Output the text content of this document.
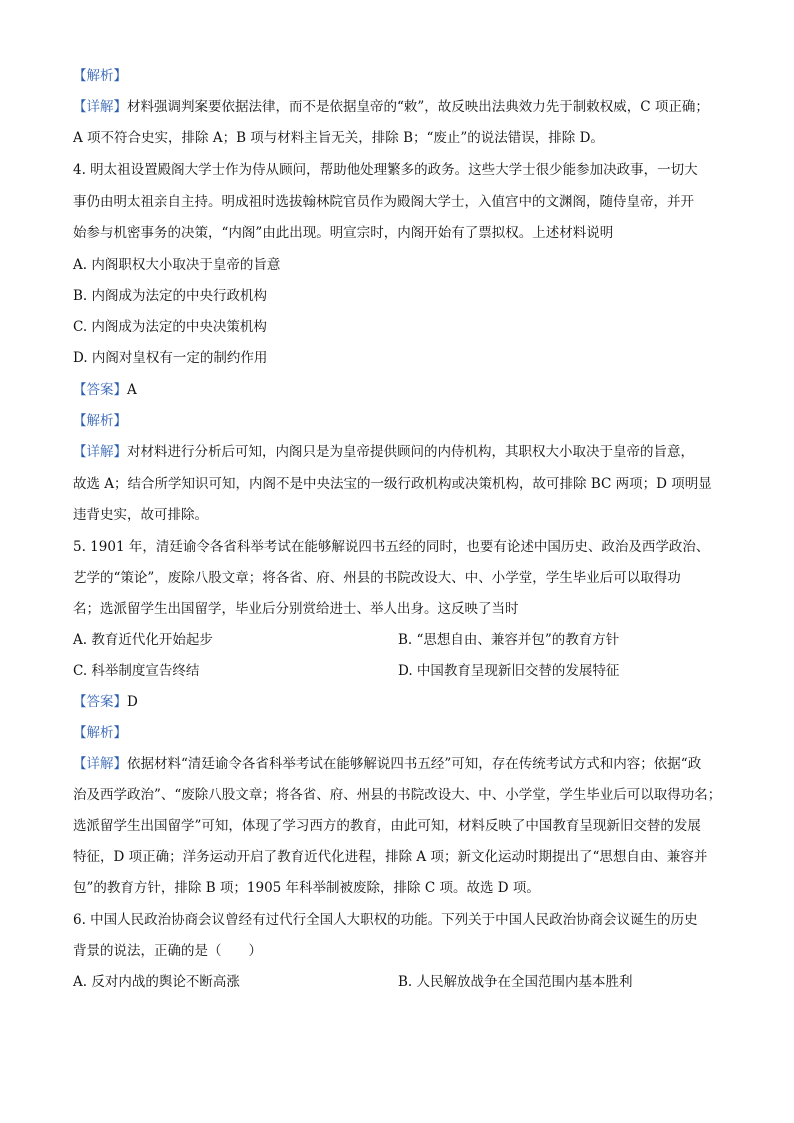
【解析】
【详解】材料强调判案要依据法律，而不是依据皇帝的“敕”，故反映出法典效力先于制敕权威，C 项正确；
A 项不符合史实，排除 A；B 项与材料主旨无关，排除 B；“废止”的说法错误，排除 D。
4. 明太祖设置殿阁大学士作为侍从顾问，帮助他处理繁多的政务。这些大学士很少能参加决政事，一切大
事仍由明太祖亲自主持。明成祖时选拔翰林院官员作为殿阁大学士，入值宫中的文渊阁，随侍皇帝，并开
始参与机密事务的决策，“内阁”由此出现。明宣宗时，内阁开始有了票拟权。上述材料说明
A. 内阁职权大小取决于皇帝的旨意
B. 内阁成为法定的中央行政机构
C. 内阁成为法定的中央决策机构
D. 内阁对皇权有一定的制约作用
【答案】A
【解析】
【详解】对材料进行分析后可知，内阁只是为皇帝提供顾问的内侍机构，其职权大小取决于皇帝的旨意，
故选 A；结合所学知识可知，内阁不是中央法宝的一级行政机构或决策机构，故可排除 BC 两项；D 项明显
违背史实，故可排除。
5. 1901 年，清廷谕令各省科举考试在能够解说四书五经的同时，也要有论述中国历史、政治及西学政治、
艺学的“策论”，废除八股文章；将各省、府、州县的书院改设大、中、小学堂，学生毕业后可以取得功
名；选派留学生出国留学，毕业后分别赏给进士、举人出身。这反映了当时
A. 教育近代化开始起步	B. “思想自由、兼容并包”的教育方针
C. 科举制度宣告终结	D. 中国教育呈现新旧交替的发展特征
【答案】D
【解析】
【详解】依据材料“清廷谕令各省科举考试在能够解说四书五经”可知，存在传统考试方式和内容；依据“政
治及西学政治”、“废除八股文章；将各省、府、州县的书院改设大、中、小学堂，学生毕业后可以取得功名；
选派留学生出国留学”可知，体现了学习西方的教育，由此可知，材料反映了中国教育呈现新旧交替的发展
特征，D 项正确；洋务运动开启了教育近代化进程，排除 A 项；新文化运动时期提出了“思想自由、兼容并
包”的教育方针，排除 B 项；1905 年科举制被废除，排除 C 项。故选 D 项。
6. 中国人民政治协商会议曾经有过代行全国人大职权的功能。下列关于中国人民政治协商会议诞生的历史
背景的说法，正确的是（　　）
A. 反对内战的舆论不断高涨	B. 人民解放战争在全国范围内基本胜利
